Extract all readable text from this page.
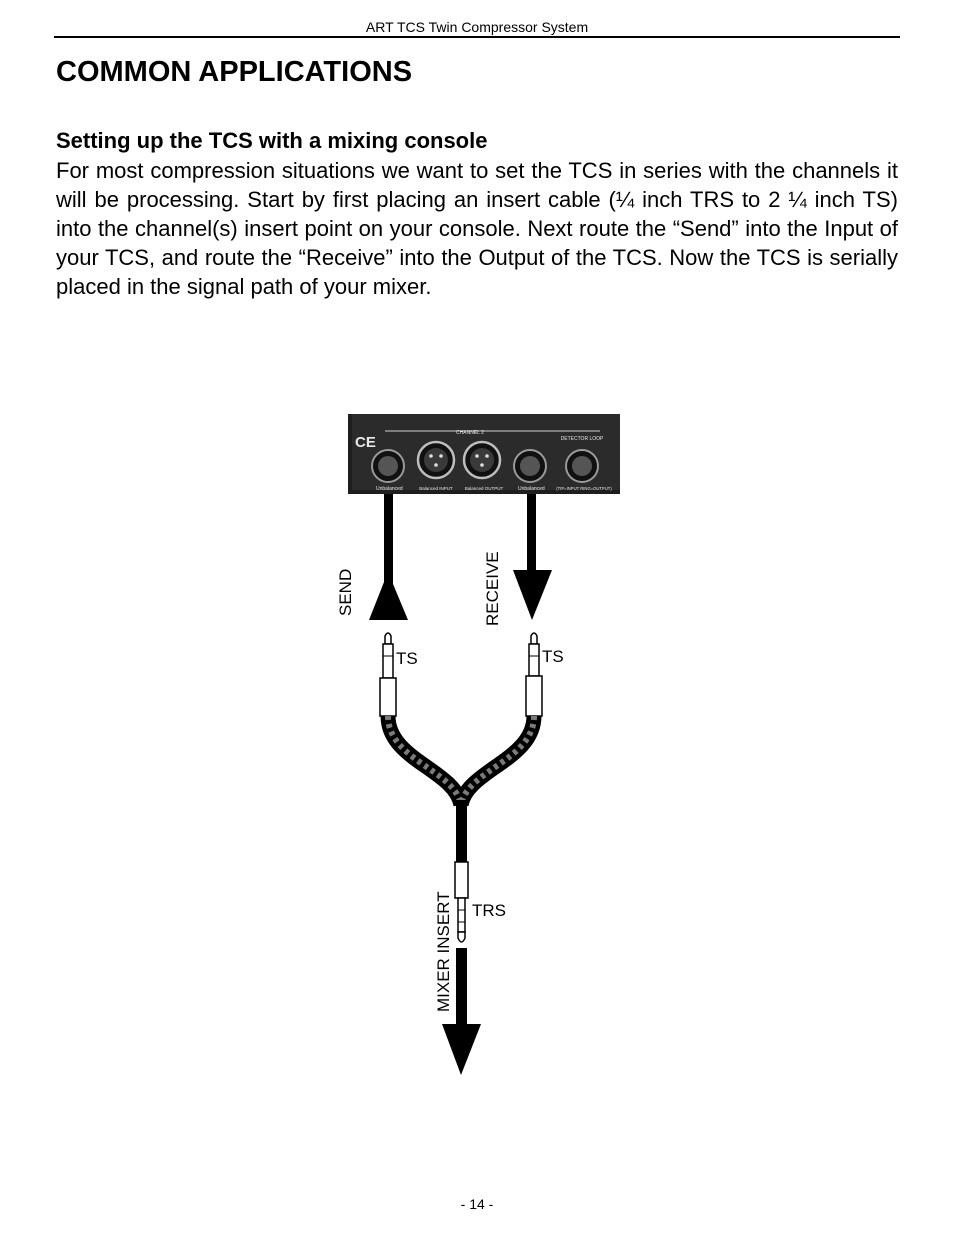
ART TCS Twin Compressor System
COMMON APPLICATIONS
Setting up the TCS with a mixing console

For most compression situations we want to set the TCS in series with the channels it will be processing. Start by first placing an insert cable (¼ inch TRS to 2 ¼ inch TS) into the channel(s) insert point on your console. Next route the “Send” into the Input of your TCS, and route the “Receive” into the Output of the TCS. Now the TCS is serially placed in the signal path of your mixer.

CE
CHANNEL 2
DETECTOR LOOP
Unbalanced	Balanced INPUT	Balanced OUTPUT	Unbalanced	(TIP=INPUT RING=OUTPUT)
SEND	RECEIVE
TS	TS
TRS
MIXER INSERT
- 14 -
